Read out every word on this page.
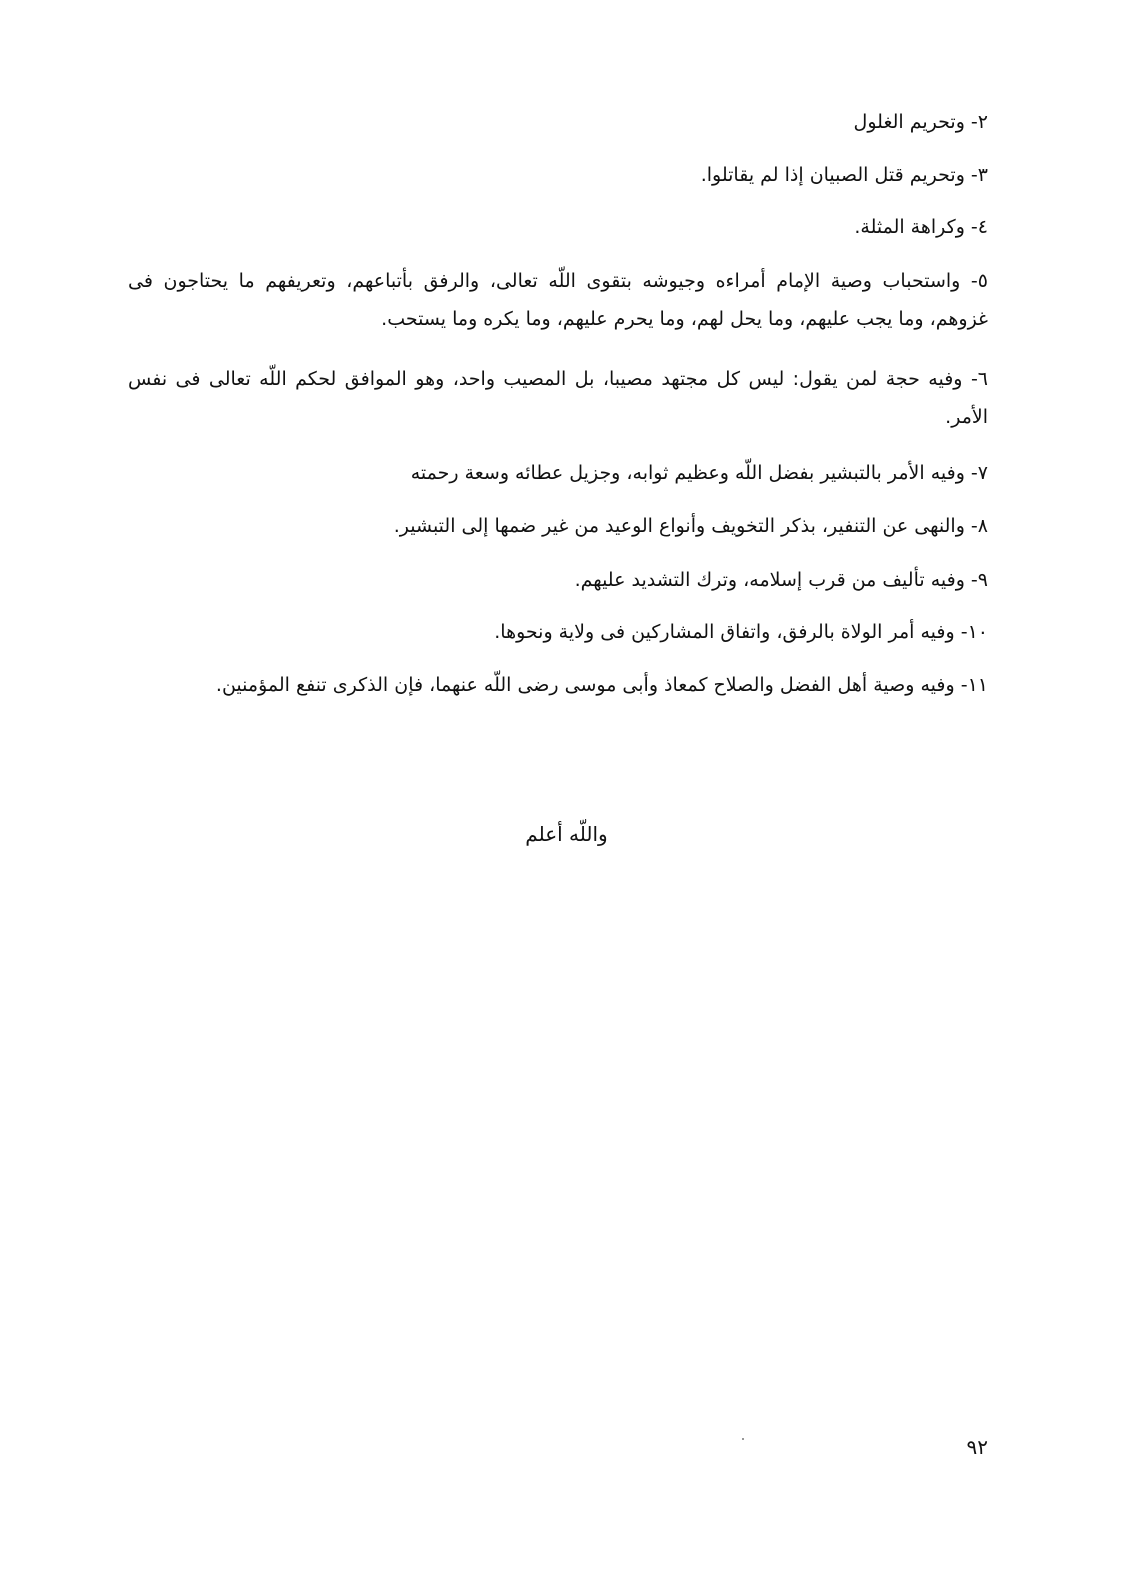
٢- وتحريم الغلول
٣- وتحريم قتل الصبيان إذا لم يقاتلوا.
٤- وكراهة المثلة.
٥- واستحباب وصية الإمام أمراءه وجيوشه بتقوى اللّه تعالى، والرفق بأتباعهم، وتعريفهم ما يحتاجون فى غزوهم، وما يجب عليهم، وما يحل لهم، وما يحرم عليهم، وما يكره وما يستحب.
٦- وفيه حجة لمن يقول: ليس كل مجتهد مصيبا، بل المصيب واحد، وهو الموافق لحكم اللّه تعالى فى نفس الأمر.
٧- وفيه الأمر بالتبشير بفضل اللّه وعظيم ثوابه، وجزيل عطائه وسعة رحمته
٨- والنهى عن التنفير، بذكر التخويف وأنواع الوعيد من غير ضمها إلى التبشير.
٩- وفيه تأليف من قرب إسلامه، وترك التشديد عليهم.
١٠- وفيه أمر الولاة بالرفق، واتفاق المشاركين فى ولاية ونحوها.
١١- وفيه وصية أهل الفضل والصلاح كمعاذ وأبى موسى رضى اللّه عنهما، فإن الذكرى تنفع المؤمنين.
واللّه أعلم
٩٢
